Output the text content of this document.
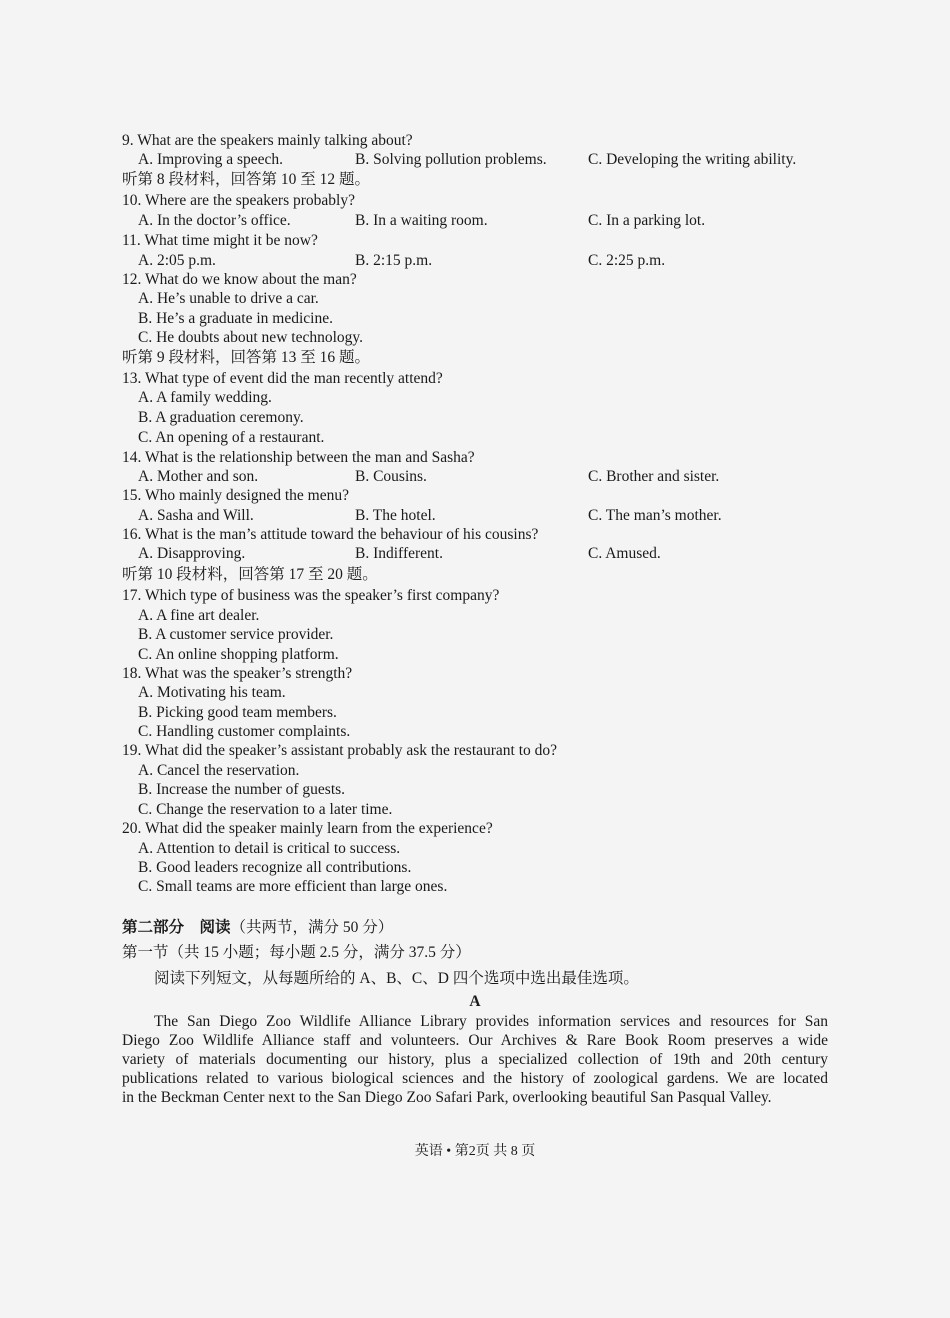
9. What are the speakers mainly talking about?
A. Improving a speech.	B. Solving pollution problems.	C. Developing the writing ability.
听第 8 段材料，回答第 10 至 12 题。
10. Where are the speakers probably?
A. In the doctor’s office.	B. In a waiting room.	C. In a parking lot.
11. What time might it be now?
A. 2:05 p.m.	B. 2:15 p.m.	C. 2:25 p.m.
12. What do we know about the man?
A. He’s unable to drive a car.
B. He’s a graduate in medicine.
C. He doubts about new technology.
听第 9 段材料，回答第 13 至 16 题。
13. What type of event did the man recently attend?
A. A family wedding.
B. A graduation ceremony.
C. An opening of a restaurant.
14. What is the relationship between the man and Sasha?
A. Mother and son.	B. Cousins.	C. Brother and sister.
15. Who mainly designed the menu?
A. Sasha and Will.	B. The hotel.	C. The man’s mother.
16. What is the man’s attitude toward the behaviour of his cousins?
A. Disapproving.	B. Indifferent.	C. Amused.
听第 10 段材料，回答第 17 至 20 题。
17. Which type of business was the speaker’s first company?
A. A fine art dealer.
B. A customer service provider.
C. An online shopping platform.
18. What was the speaker’s strength?
A. Motivating his team.
B. Picking good team members.
C. Handling customer complaints.
19. What did the speaker’s assistant probably ask the restaurant to do?
A. Cancel the reservation.
B. Increase the number of guests.
C. Change the reservation to a later time.
20. What did the speaker mainly learn from the experience?
A. Attention to detail is critical to success.
B. Good leaders recognize all contributions.
C. Small teams are more efficient than large ones.
第二部分　阅读（共两节，满分 50 分）
第一节（共 15 小题；每小题 2.5 分，满分 37.5 分）
阅读下列短文，从每题所给的 A、B、C、D 四个选项中选出最佳选项。
A
The San Diego Zoo Wildlife Alliance Library provides information services and resources for San
Diego Zoo Wildlife Alliance staff and volunteers. Our Archives & Rare Book Room preserves a wide
variety of materials documenting our history, plus a specialized collection of 19th and 20th century
publications related to various biological sciences and the history of zoological gardens. We are located
in the Beckman Center next to the San Diego Zoo Safari Park, overlooking beautiful San Pasqual Valley.
英语 • 第2页 共 8 页
